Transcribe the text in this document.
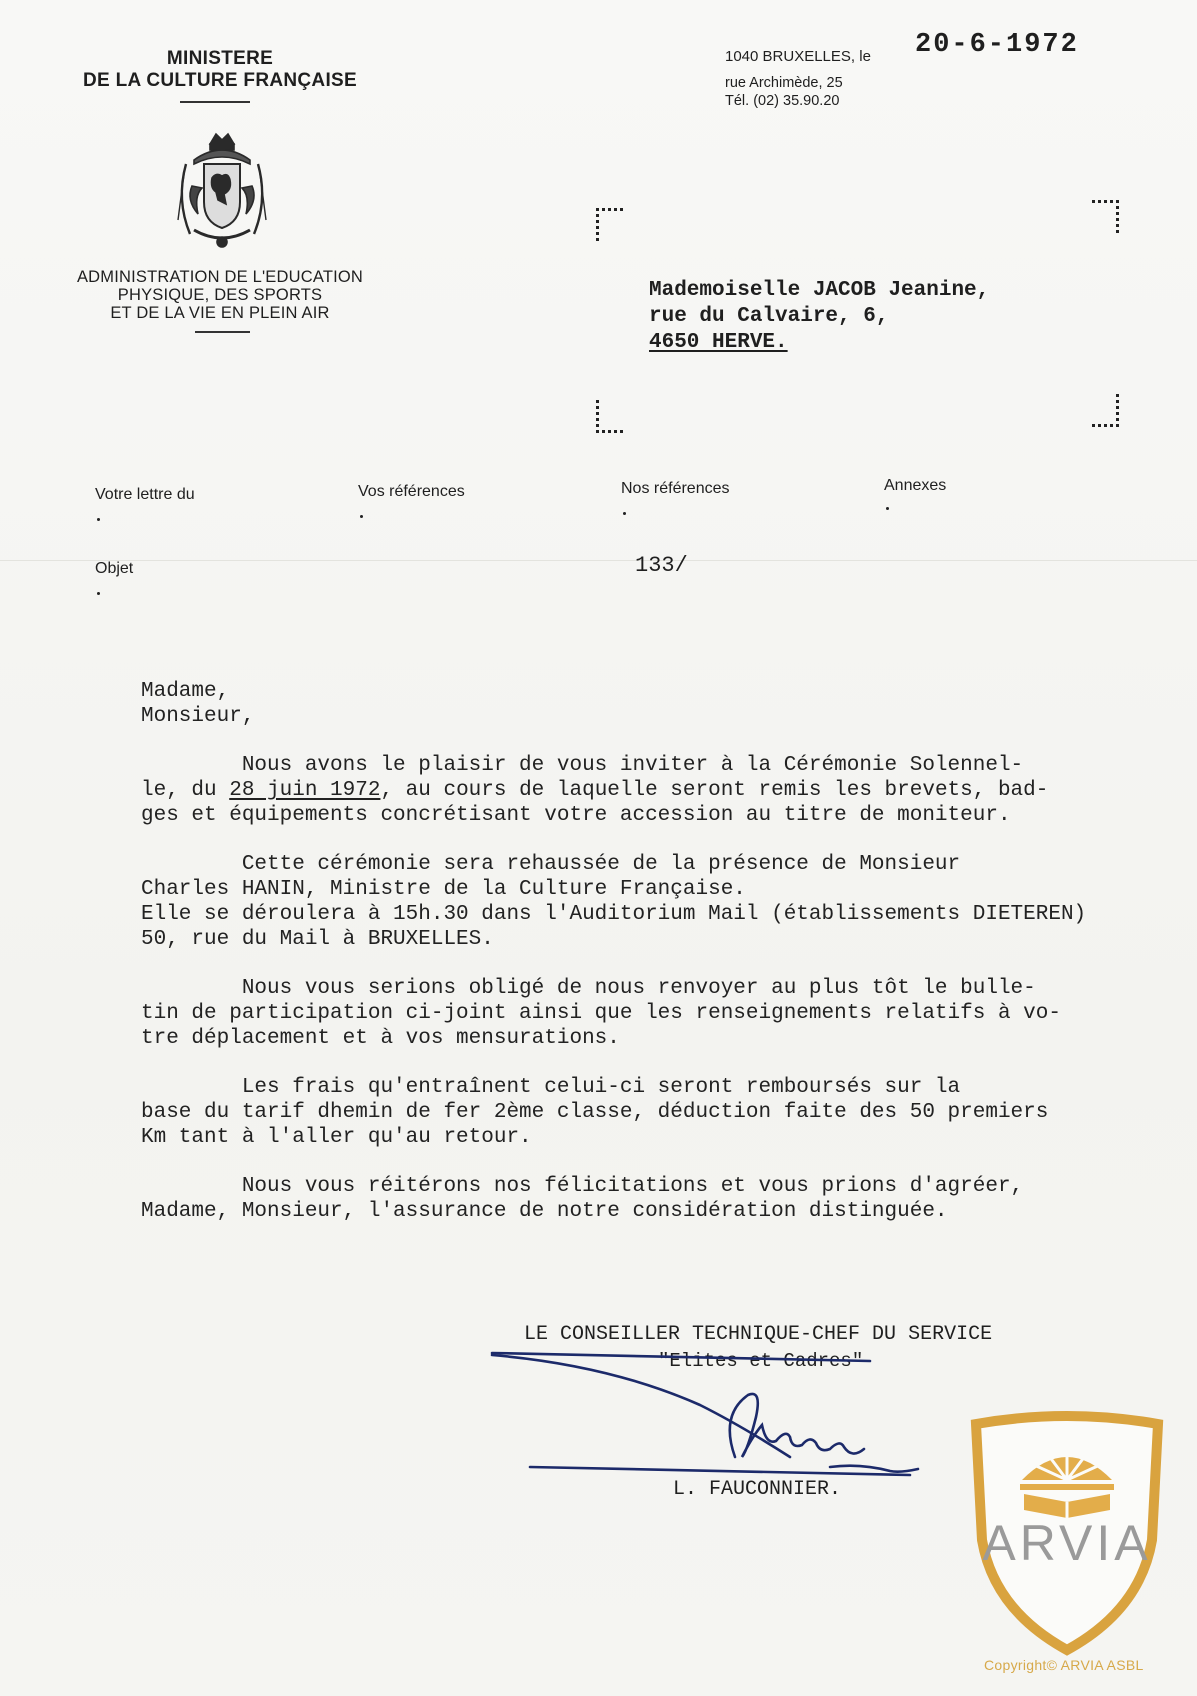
MINISTERE
DE LA CULTURE FRANÇAISE
ADMINISTRATION DE L'EDUCATION
PHYSIQUE, DES SPORTS
ET DE LA VIE EN PLEIN AIR
1040 BRUXELLES, le 20-6-1972
rue Archimède, 25
Tél. (02) 35.90.20
Mademoiselle JACOB Jeanine,
rue du Calvaire, 6,
4650 HERVE.
Votre lettre du	Vos références	Nos références	Annexes
Objet	133/
Madame,
Monsieur,
Nous avons le plaisir de vous inviter à la Cérémonie Solennel-
le, du 28 juin 1972, au cours de laquelle seront remis les brevets, bad-
ges et équipements concrétisant votre accession au titre de moniteur.
Cette cérémonie sera rehaussée de la présence de Monsieur
Charles HANIN, Ministre de la Culture Française.
Elle se déroulera à 15h.30 dans l'Auditorium Mail (établissements DIETEREN)
50, rue du Mail à BRUXELLES.
Nous vous serions obligé de nous renvoyer au plus tôt le bulle-
tin de participation ci-joint ainsi que les renseignements relatifs à vo-
tre déplacement et à vos mensurations.
Les frais qu'entraînent celui-ci seront remboursés sur la
base du tarif dhemin de fer 2ème classe, déduction faite des 50 premiers
Km tant à l'aller qu'au retour.
Nous vous réitérons nos félicitations et vous prions d'agréer,
Madame, Monsieur, l'assurance de notre considération distinguée.
LE CONSEILLER TECHNIQUE-CHEF DU SERVICE
"Elites et Cadres"
L. FAUCONNIER.
ARVIA
Copyright© ARVIA ASBL
